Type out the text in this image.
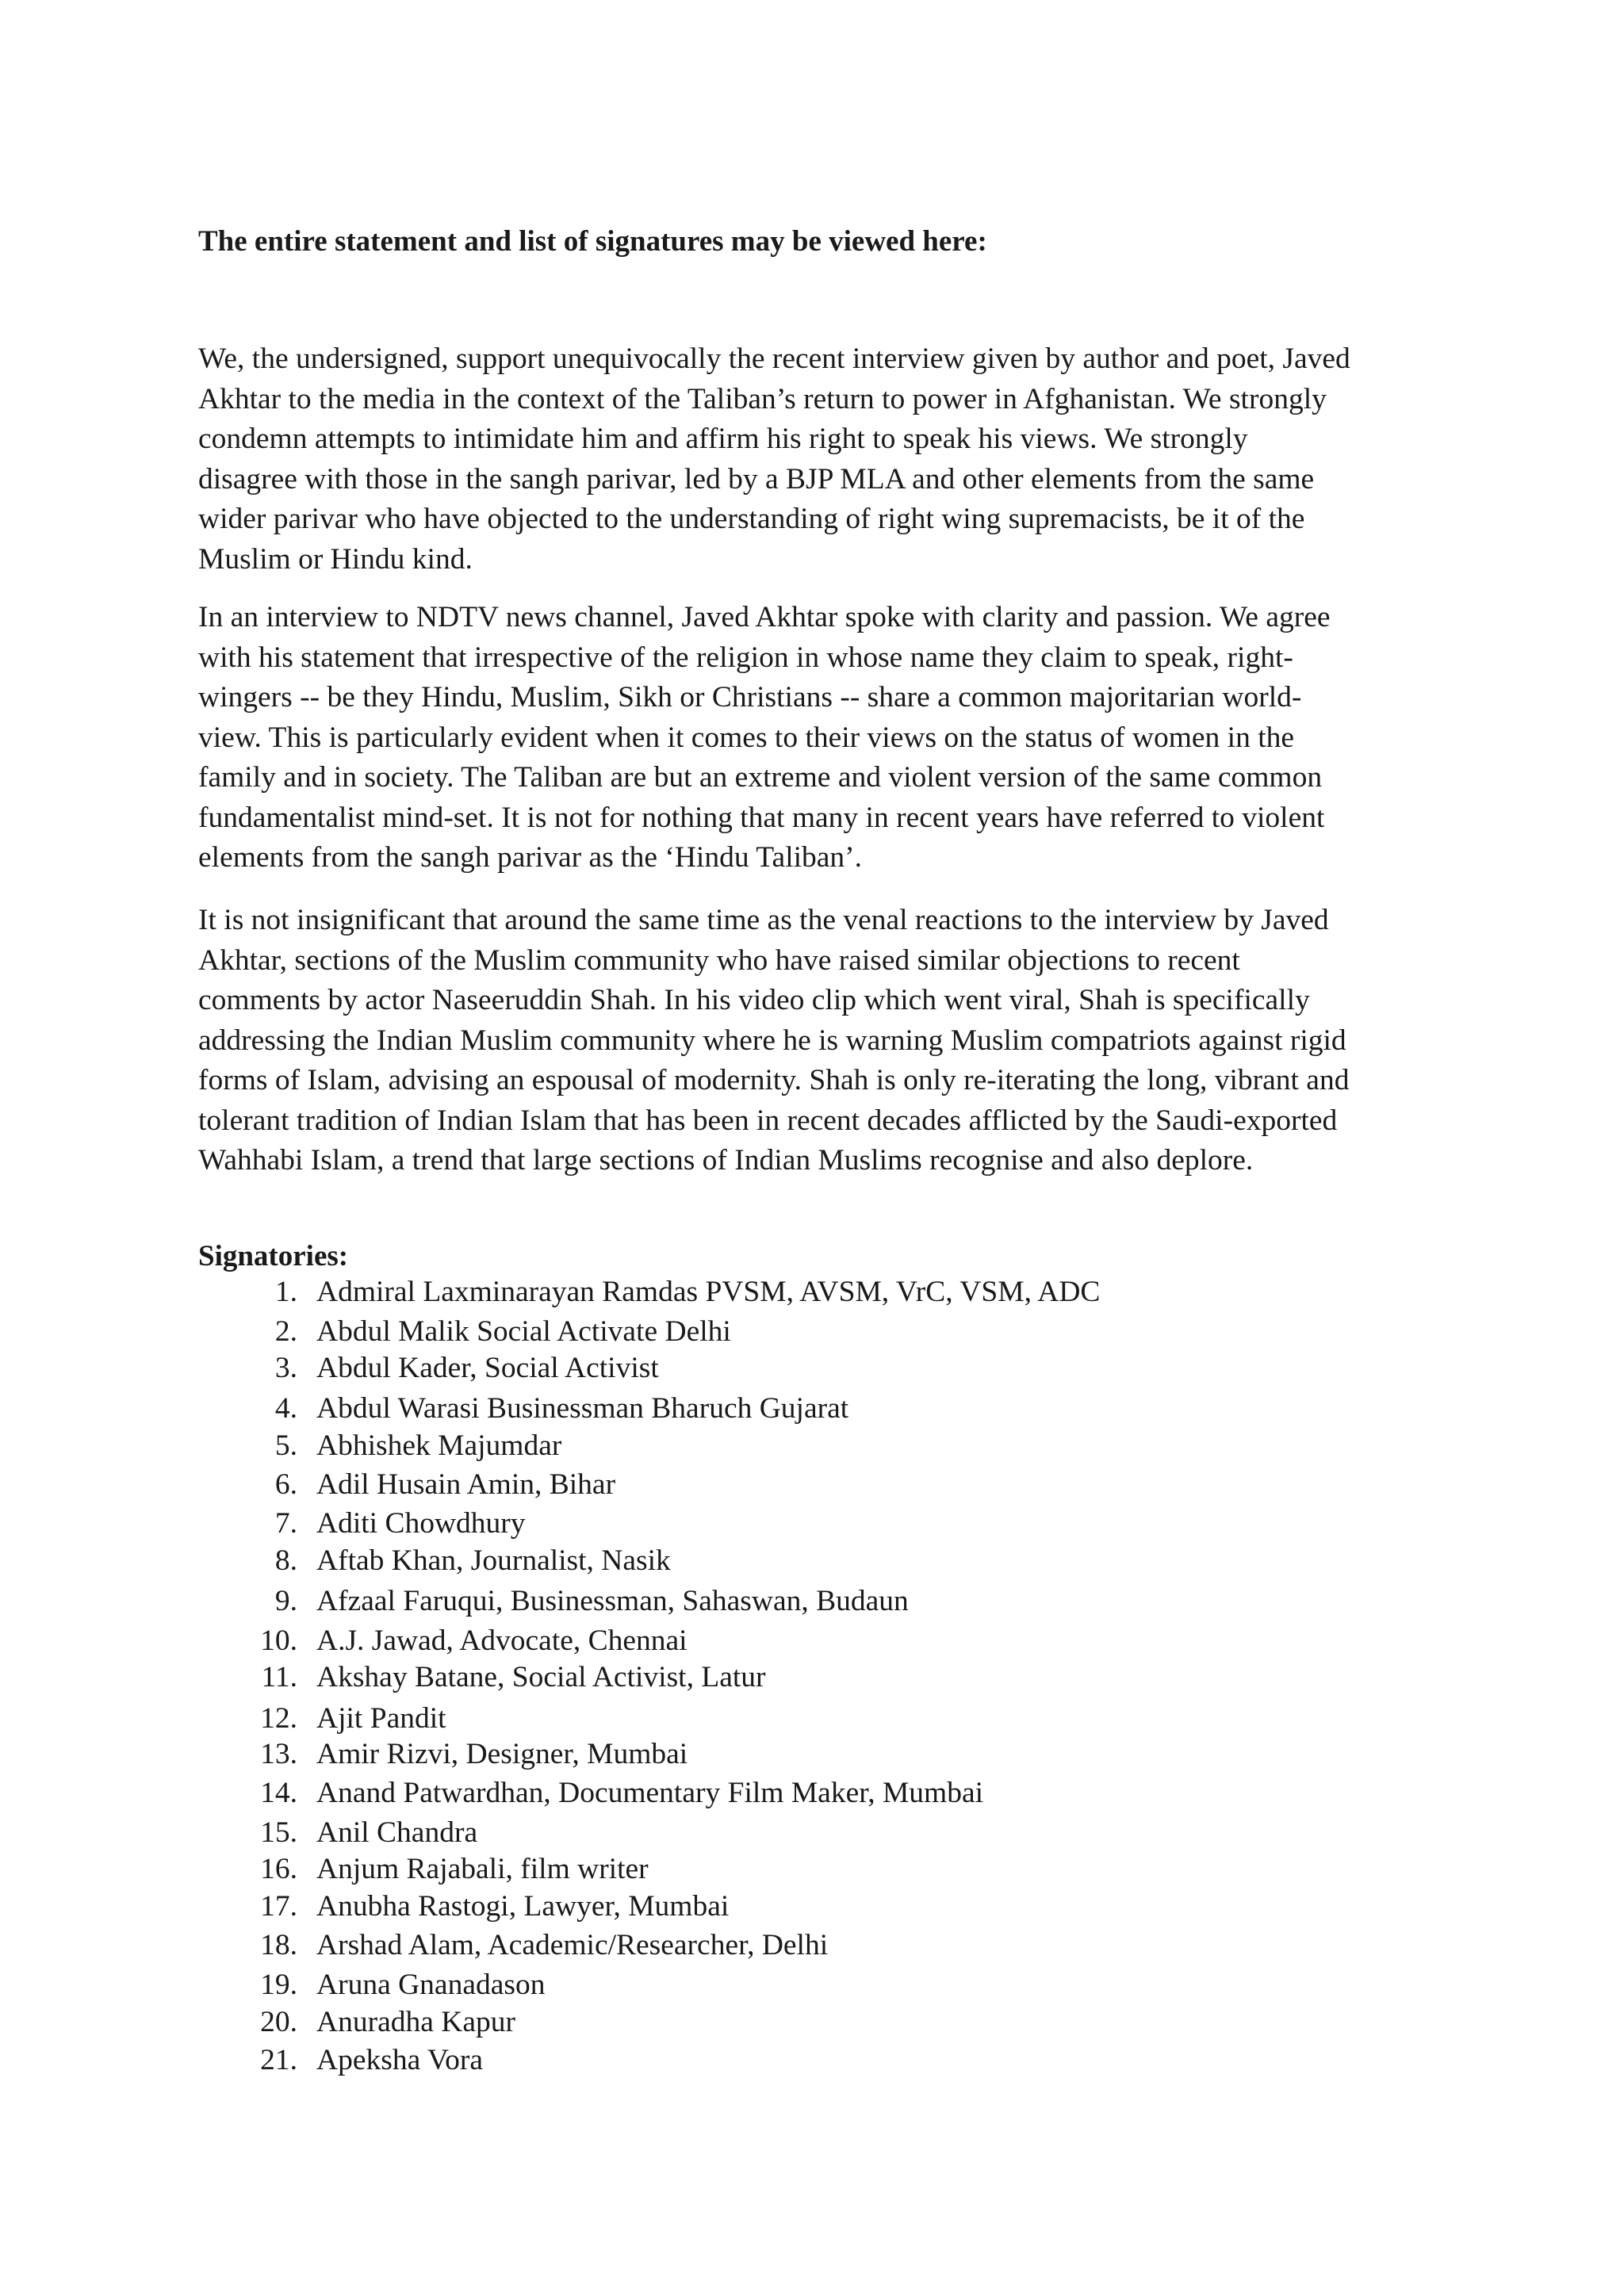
The entire statement and list of signatures may be viewed here:

We, the undersigned, support unequivocally the recent interview given by author and poet, Javed
Akhtar to the media in the context of the Taliban’s return to power in Afghanistan. We strongly
condemn attempts to intimidate him and affirm his right to speak his views. We strongly
disagree with those in the sangh parivar, led by a BJP MLA and other elements from the same
wider parivar who have objected to the understanding of right wing supremacists, be it of the
Muslim or Hindu kind.

In an interview to NDTV news channel, Javed Akhtar spoke with clarity and passion. We agree
with his statement that irrespective of the religion in whose name they claim to speak, right-
wingers -- be they Hindu, Muslim, Sikh or Christians -- share a common majoritarian world-
view. This is particularly evident when it comes to their views on the status of women in the
family and in society. The Taliban are but an extreme and violent version of the same common
fundamentalist mind-set. It is not for nothing that many in recent years have referred to violent
elements from the sangh parivar as the ‘Hindu Taliban’.

It is not insignificant that around the same time as the venal reactions to the interview by Javed
Akhtar, sections of the Muslim community who have raised similar objections to recent
comments by actor Naseeruddin Shah. In his video clip which went viral, Shah is specifically
addressing the Indian Muslim community where he is warning Muslim compatriots against rigid
forms of Islam, advising an espousal of modernity. Shah is only re-iterating the long, vibrant and
tolerant tradition of Indian Islam that has been in recent decades afflicted by the Saudi-exported
Wahhabi Islam, a trend that large sections of Indian Muslims recognise and also deplore.

Signatories:
1. Admiral Laxminarayan Ramdas PVSM, AVSM, VrC, VSM, ADC
2. Abdul Malik Social Activate Delhi
3. Abdul Kader, Social Activist
4. Abdul Warasi Businessman Bharuch Gujarat
5. Abhishek Majumdar
6. Adil Husain Amin, Bihar
7. Aditi Chowdhury
8. Aftab Khan, Journalist, Nasik
9. Afzaal Faruqui, Businessman, Sahaswan, Budaun
10. A.J. Jawad, Advocate, Chennai
11. Akshay Batane, Social Activist, Latur
12. Ajit Pandit
13. Amir Rizvi, Designer, Mumbai
14. Anand Patwardhan, Documentary Film Maker, Mumbai
15. Anil Chandra
16. Anjum Rajabali, film writer
17. Anubha Rastogi, Lawyer, Mumbai
18. Arshad Alam, Academic/Researcher, Delhi
19. Aruna Gnanadason
20. Anuradha Kapur
21. Apeksha Vora
